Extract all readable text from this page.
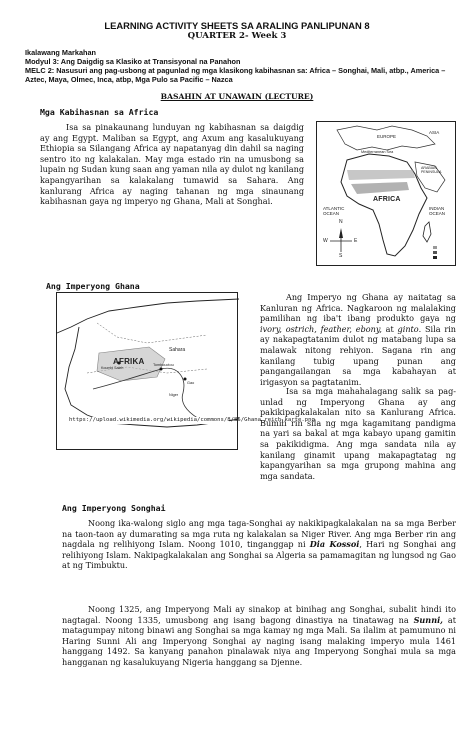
LEARNING ACTIVITY SHEETS SA ARALING PANLIPUNAN 8
QUARTER 2- Week 3
Ikalawang Markahan
Modyul 3: Ang Daigdig sa Klasiko at Transisyonal na Panahon
MELC 2: Nasusuri ang pag-usbong at pagunlad ng mga klasikong kabihasnan sa: Africa – Songhai, Mali, atbp., America – Aztec, Maya, Olmec, Inca, atbp, Mga Pulo sa Pacific – Nazca
BASAHIN AT UNAWAIN (LECTURE)
Mga Kabihasnan sa Africa
Isa sa pinakaunang lunduyan ng kabihasnan sa daigdig ay ang Egypt. Maliban sa Egypt, ang Axum ang kasalukuyang Ethiopia sa Silangang Africa ay napatanyag din dahil sa naging sentro ito ng kalakalan. May mga estado rin na umusbong sa lupain ng Sudan kung saan ang yaman nila ay dulot ng kanilang kapangyarihan sa kalakalang tumawid sa Sahara. Ang kanlurang Africa ay naging tahanan ng mga sinaunang kabihasnan gaya ng imperyo ng Ghana, Mali at Songhai.
EUROPE
ASIA
Mediterranean Sea
ARABIAN PENINSULA
AFRICA
ATLANTIC OCEAN
INDIAN OCEAN
N
S
E
W
Ang Imperyong Ghana
Sahara
AFRIKA Tombouctou
Gao
Koumbi Saleh
Niger
https://upload.wikimedia.org/wikipedia/commons/8/85/Ghana_reich_karte.png
Ang Imperyo ng Ghana ay naitatag sa Kanluran ng Africa. Nagkaroon ng malalaking pamilihan ng iba't ibang produkto gaya ng ivory, ostrich, feather, ebony, at ginto. Sila rin ay nakapagtatanim dulot ng matabang lupa sa malawak nitong rehiyon. Sagana rin ang kanilang tubig upang punan ang pangangailangan sa mga kabahayan at irigasyon sa pagtatanim.
Isa sa mga mahahalagang salik sa pag-unlad ng Imperyong Ghana ay ang pakikipagkalakalan nito sa Kanlurang Africa. Bumili rin sila ng mga kagamitang pandigma na yari sa bakal at mga kabayo upang gamitin sa pakikidigma. Ang mga sandata nila ay kanilang ginamit upang makapagtatag ng kapangyarihan sa mga grupong mahina ang mga sandata.
Ang Imperyong Songhai
Noong ika-walong siglo ang mga taga-Songhai ay nakikipagkalakalan na sa mga Berber na taon-taon ay dumarating sa mga ruta ng kalakalan sa Niger River. Ang mga Berber rin ang nagdala ng relihiyong Islam. Noong 1010, tinganggap ni Dia Kossoi, Hari ng Songhai ang relihiyong Islam. Nakipagkalakalan ang Songhai sa Algeria sa pamamagitan ng lungsod ng Gao at ng Timbuktu.
Noong 1325, ang Imperyong Mali ay sinakop at binihag ang Songhai, subalit hindi ito nagtagal. Noong 1335, umusbong ang isang bagong dinastiya na tinatawag na Sunni, at matagumpay nitong binawi ang Songhai sa mga kamay ng mga Mali. Sa ilalim at pamumuno ni Haring Sunni Ali ang Imperyong Songhai ay naging isang malaking imperyo mula 1461 hanggang 1492. Sa kanyang panahon pinalawak niya ang Imperyong Songhai mula sa mga hangganan ng kasalukuyang Nigeria hanggang sa Djenne.
